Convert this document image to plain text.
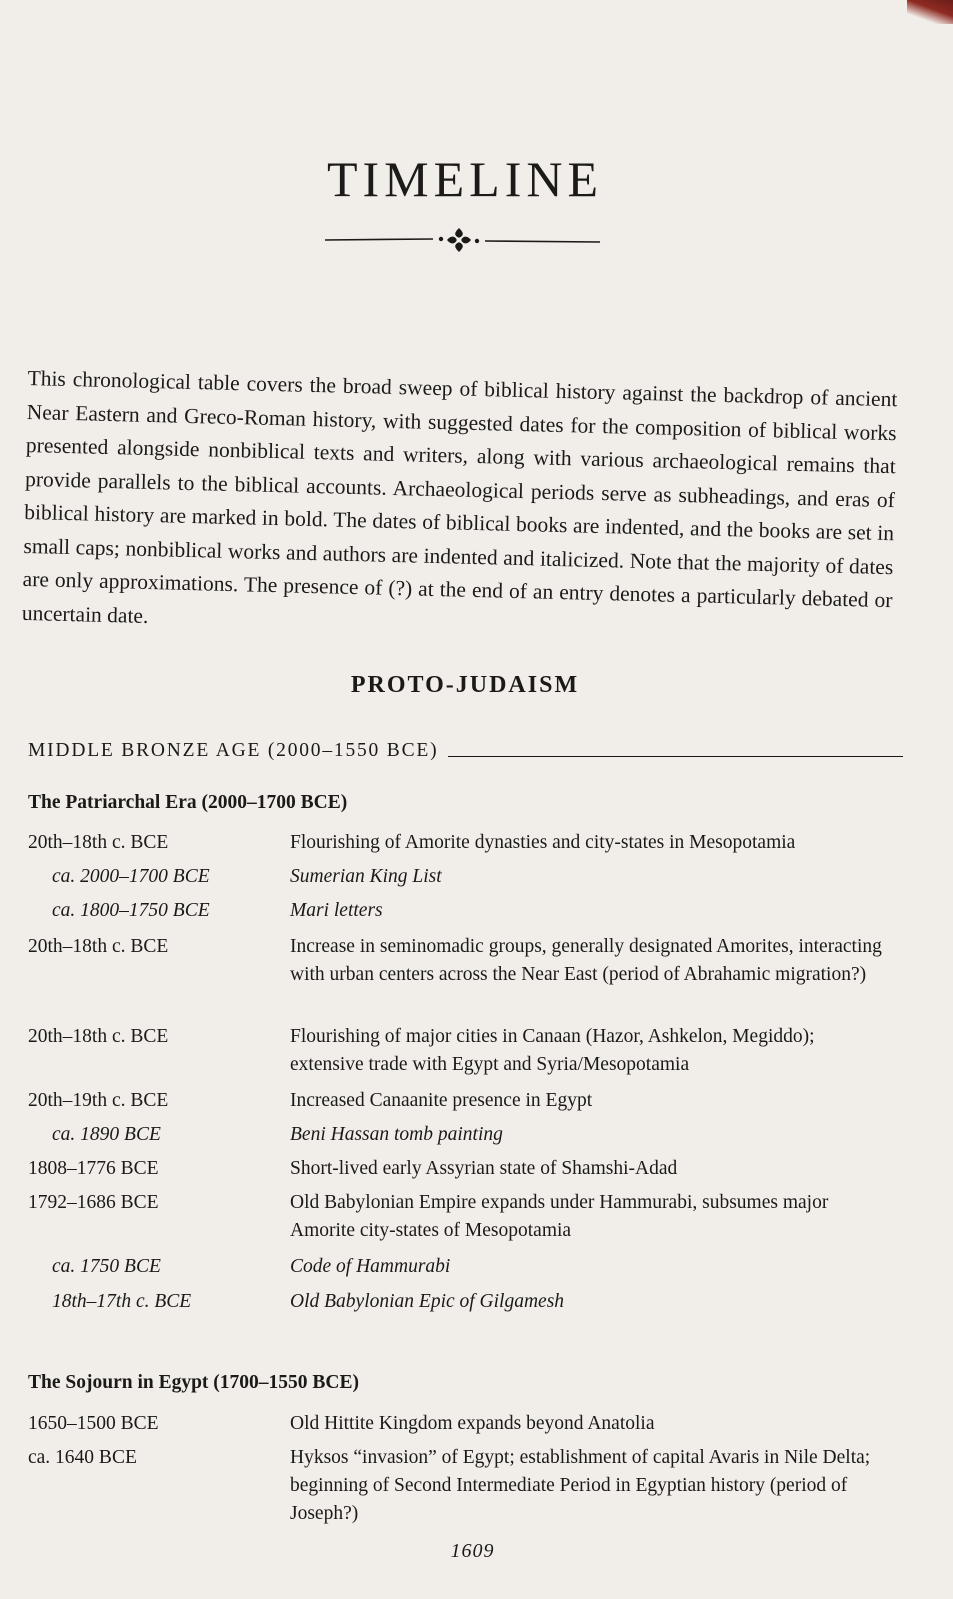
TIMELINE
This chronological table covers the broad sweep of biblical history against the backdrop of ancient Near Eastern and Greco-Roman history, with suggested dates for the composition of biblical works presented alongside nonbiblical texts and writers, along with various archaeological remains that provide parallels to the biblical accounts. Archaeological periods serve as subheadings, and eras of biblical history are marked in bold. The dates of biblical books are indented, and the books are set in small caps; nonbiblical works and authors are indented and italicized. Note that the majority of dates are only approximations. The presence of (?) at the end of an entry denotes a particularly debated or uncertain date.
PROTO-JUDAISM
MIDDLE BRONZE AGE (2000–1550 BCE)
The Patriarchal Era (2000–1700 BCE)
20th–18th c. BCE	Flourishing of Amorite dynasties and city-states in Mesopotamia
ca. 2000–1700 BCE	Sumerian King List
ca. 1800–1750 BCE	Mari letters
20th–18th c. BCE	Increase in seminomadic groups, generally designated Amorites, interacting with urban centers across the Near East (period of Abrahamic migration?)
20th–18th c. BCE	Flourishing of major cities in Canaan (Hazor, Ashkelon, Megiddo); extensive trade with Egypt and Syria/Mesopotamia
20th–19th c. BCE	Increased Canaanite presence in Egypt
ca. 1890 BCE	Beni Hassan tomb painting
1808–1776 BCE	Short-lived early Assyrian state of Shamshi-Adad
1792–1686 BCE	Old Babylonian Empire expands under Hammurabi, subsumes major Amorite city-states of Mesopotamia
ca. 1750 BCE	Code of Hammurabi
18th–17th c. BCE	Old Babylonian Epic of Gilgamesh
The Sojourn in Egypt (1700–1550 BCE)
1650–1500 BCE	Old Hittite Kingdom expands beyond Anatolia
ca. 1640 BCE	Hyksos “invasion” of Egypt; establishment of capital Avaris in Nile Delta; beginning of Second Intermediate Period in Egyptian history (period of Joseph?)
1609
